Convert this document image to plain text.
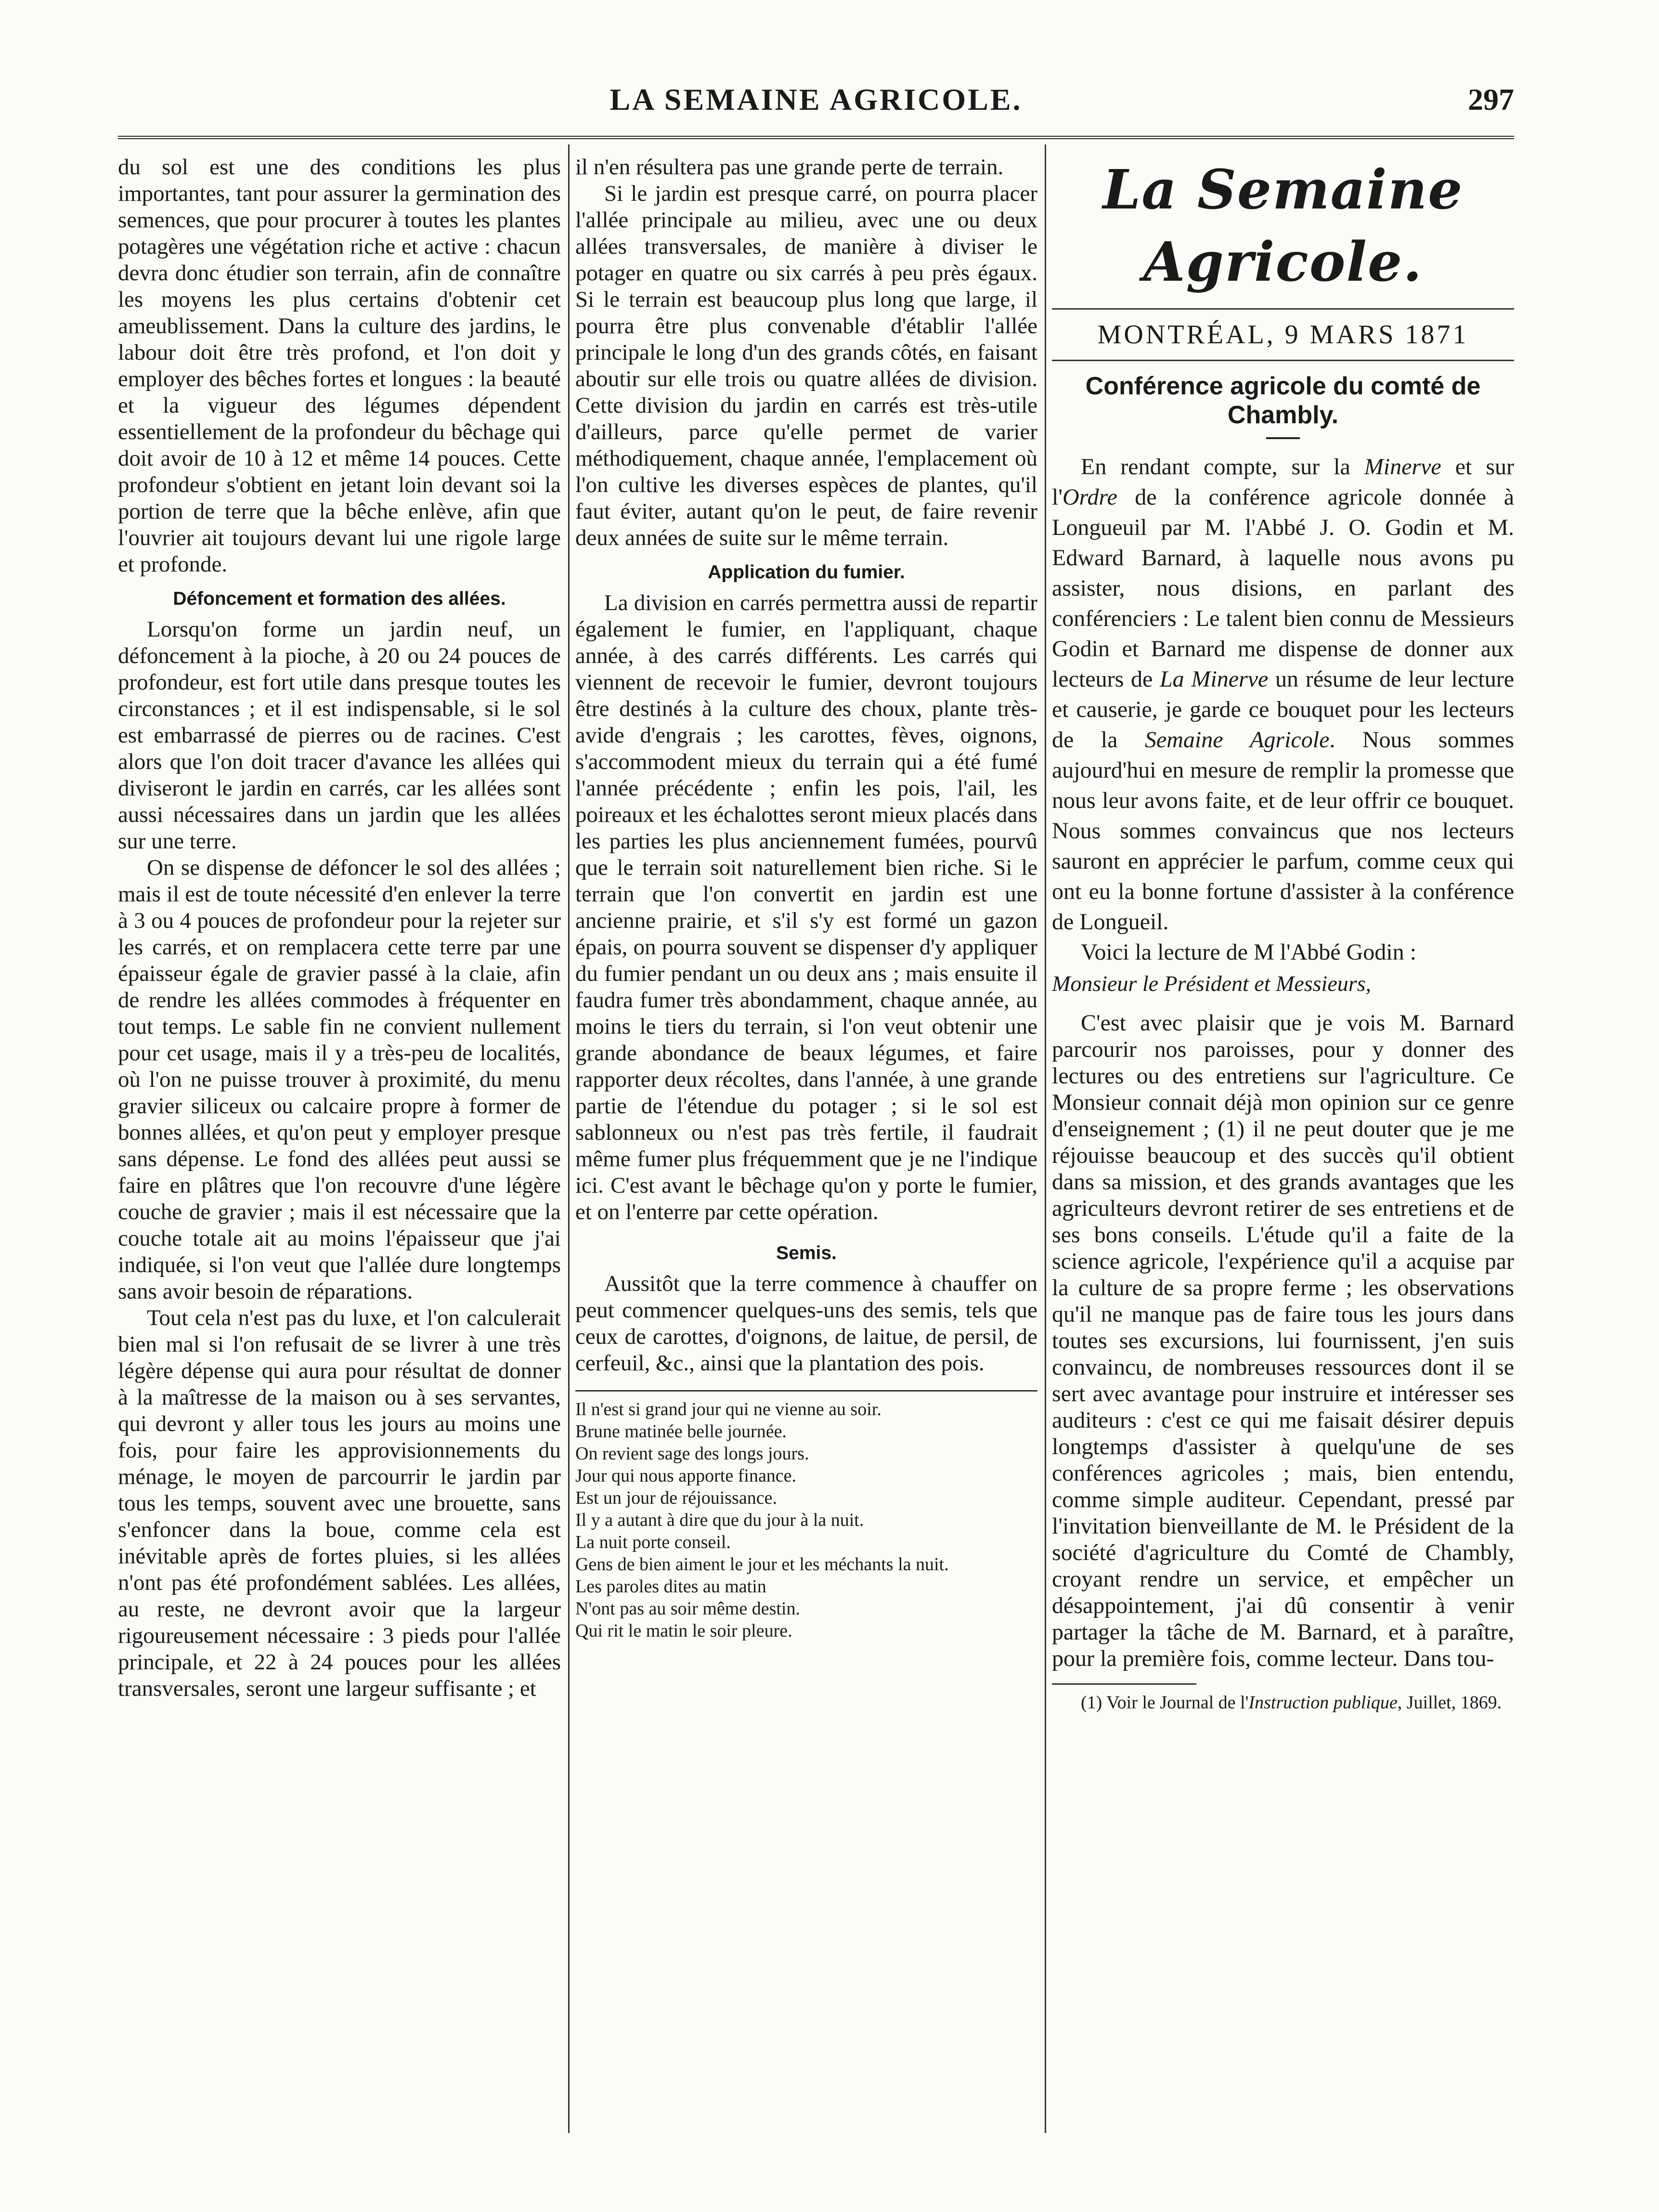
LA SEMAINE AGRICOLE.	297

du sol est une des conditions les plus importantes, tant pour assurer la germination des semences, que pour procurer à toutes les plantes potagères une végétation riche et active : chacun devra donc étudier son terrain, afin de connaître les moyens les plus certains d'obtenir cet ameublissement. Dans la culture des jardins, le labour doit être très profond, et l'on doit y employer des bêches fortes et longues : la beauté et la vigueur des légumes dépendent essentiellement de la profondeur du bêchage qui doit avoir de 10 à 12 et même 14 pouces. Cette profondeur s'obtient en jetant loin devant soi la portion de terre que la bêche enlève, afin que l'ouvrier ait toujours devant lui une rigole large et profonde.

Défoncement et formation des allées.

Lorsqu'on forme un jardin neuf, un défoncement à la pioche, à 20 ou 24 pouces de profondeur, est fort utile dans presque toutes les circonstances ; et il est indispensable, si le sol est embarrassé de pierres ou de racines. C'est alors que l'on doit tracer d'avance les allées qui diviseront le jardin en carrés, car les allées sont aussi nécessaires dans un jardin que les allées sur une terre.

On se dispense de défoncer le sol des allées ; mais il est de toute nécessité d'en enlever la terre à 3 ou 4 pouces de profondeur pour la rejeter sur les carrés, et on remplacera cette terre par une épaisseur égale de gravier passé à la claie, afin de rendre les allées commodes à fréquenter en tout temps. Le sable fin ne convient nullement pour cet usage, mais il y a très-peu de localités, où l'on ne puisse trouver à proximité, du menu gravier siliceux ou calcaire propre à former de bonnes allées, et qu'on peut y employer presque sans dépense. Le fond des allées peut aussi se faire en plâtres que l'on recouvre d'une légère couche de gravier ; mais il est nécessaire que la couche totale ait au moins l'épaisseur que j'ai indiquée, si l'on veut que l'allée dure longtemps sans avoir besoin de réparations.

Tout cela n'est pas du luxe, et l'on calculerait bien mal si l'on refusait de se livrer à une très légère dépense qui aura pour résultat de donner à la maîtresse de la maison ou à ses servantes, qui devront y aller tous les jours au moins une fois, pour faire les approvisionnements du ménage, le moyen de parcourrir le jardin par tous les temps, souvent avec une brouette, sans s'enfoncer dans la boue, comme cela est inévitable après de fortes pluies, si les allées n'ont pas été profondément sablées. Les allées, au reste, ne devront avoir que la largeur rigoureusement nécessaire : 3 pieds pour l'allée principale, et 22 à 24 pouces pour les allées transversales, seront une largeur suffisante ; et

il n'en résultera pas une grande perte de terrain.

Si le jardin est presque carré, on pourra placer l'allée principale au milieu, avec une ou deux allées transversales, de manière à diviser le potager en quatre ou six carrés à peu près égaux. Si le terrain est beaucoup plus long que large, il pourra être plus convenable d'établir l'allée principale le long d'un des grands côtés, en faisant aboutir sur elle trois ou quatre allées de division. Cette division du jardin en carrés est très-utile d'ailleurs, parce qu'elle permet de varier méthodiquement, chaque année, l'emplacement où l'on cultive les diverses espèces de plantes, qu'il faut éviter, autant qu'on le peut, de faire revenir deux années de suite sur le même terrain.

Application du fumier.

La division en carrés permettra aussi de repartir également le fumier, en l'appliquant, chaque année, à des carrés différents. Les carrés qui viennent de recevoir le fumier, devront toujours être destinés à la culture des choux, plante très-avide d'engrais ; les carottes, fèves, oignons, s'accommodent mieux du terrain qui a été fumé l'année précédente ; enfin les pois, l'ail, les poireaux et les échalottes seront mieux placés dans les parties les plus anciennement fumées, pourvû que le terrain soit naturellement bien riche. Si le terrain que l'on convertit en jardin est une ancienne prairie, et s'il s'y est formé un gazon épais, on pourra souvent se dispenser d'y appliquer du fumier pendant un ou deux ans ; mais ensuite il faudra fumer très abondamment, chaque année, au moins le tiers du terrain, si l'on veut obtenir une grande abondance de beaux légumes, et faire rapporter deux récoltes, dans l'année, à une grande partie de l'étendue du potager ; si le sol est sablonneux ou n'est pas très fertile, il faudrait même fumer plus fréquemment que je ne l'indique ici. C'est avant le bêchage qu'on y porte le fumier, et on l'enterre par cette opération.

Semis.

Aussitôt que la terre commence à chauffer on peut commencer quelques-uns des semis, tels que ceux de carottes, d'oignons, de laitue, de persil, de cerfeuil, &c., ainsi que la plantation des pois.

Il n'est si grand jour qui ne vienne au soir.
Brune matinée belle journée.
On revient sage des longs jours.
Jour qui nous apporte finance.
Est un jour de réjouissance.
Il y a autant à dire que du jour à la nuit.
La nuit porte conseil.
Gens de bien aiment le jour et les méchants la nuit.
Les paroles dites au matin
N'ont pas au soir même destin.
Qui rit le matin le soir pleure.
La Semaine Agricole.
MONTRÉAL, 9 MARS 1871
Conférence agricole du comté de Chambly.

En rendant compte, sur la Minerve et sur l'Ordre de la conférence agricole donnée à Longueuil par M. l'Abbé J. O. Godin et M. Edward Barnard, à laquelle nous avons pu assister, nous disions, en parlant des conférenciers : Le talent bien connu de Messieurs Godin et Barnard me dispense de donner aux lecteurs de La Minerve un résume de leur lecture et causerie, je garde ce bouquet pour les lecteurs de la Semaine Agricole. Nous sommes aujourd'hui en mesure de remplir la promesse que nous leur avons faite, et de leur offrir ce bouquet. Nous sommes convaincus que nos lecteurs sauront en apprécier le parfum, comme ceux qui ont eu la bonne fortune d'assister à la conférence de Longueil.

Voici la lecture de M l'Abbé Godin :

Monsieur le Président et Messieurs,

C'est avec plaisir que je vois M. Barnard parcourir nos paroisses, pour y donner des lectures ou des entretiens sur l'agriculture. Ce Monsieur connait déjà mon opinion sur ce genre d'enseignement ; (1) il ne peut douter que je me réjouisse beaucoup et des succès qu'il obtient dans sa mission, et des grands avantages que les agriculteurs devront retirer de ses entretiens et de ses bons conseils. L'étude qu'il a faite de la science agricole, l'expérience qu'il a acquise par la culture de sa propre ferme ; les observations qu'il ne manque pas de faire tous les jours dans toutes ses excursions, lui fournissent, j'en suis convaincu, de nombreuses ressources dont il se sert avec avantage pour instruire et intéresser ses auditeurs : c'est ce qui me faisait désirer depuis longtemps d'assister à quelqu'une de ses conférences agricoles ; mais, bien entendu, comme simple auditeur. Cependant, pressé par l'invitation bienveillante de M. le Président de la société d'agriculture du Comté de Chambly, croyant rendre un service, et empêcher un désappointement, j'ai dû consentir à venir partager la tâche de M. Barnard, et à paraître, pour la première fois, comme lecteur. Dans tou-

(1) Voir le Journal de l'Instruction publique, Juillet, 1869.
